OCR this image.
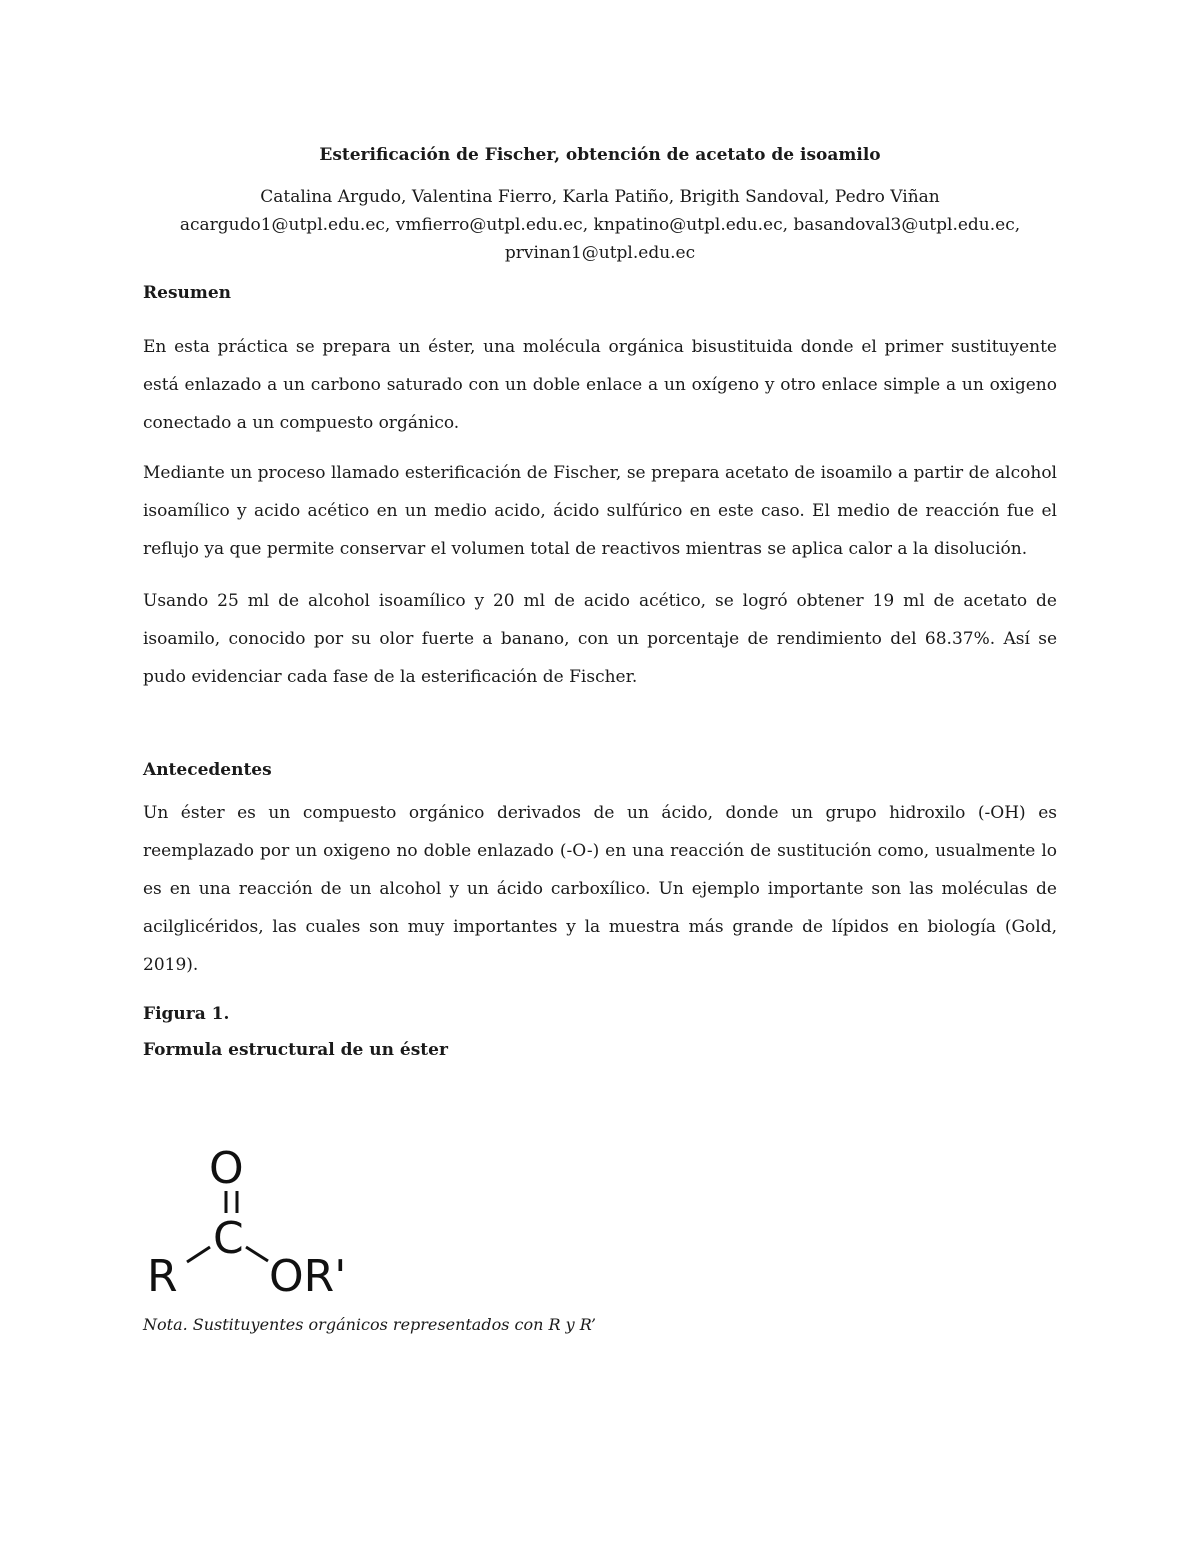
Esterificación de Fischer, obtención de acetato de isoamilo
Catalina Argudo, Valentina Fierro, Karla Patiño, Brigith Sandoval, Pedro Viñan
acargudo1@utpl.edu.ec, vmfierro@utpl.edu.ec, knpatino@utpl.edu.ec, basandoval3@utpl.edu.ec,
prvinan1@utpl.edu.ec
Resumen

En esta práctica se prepara un éster, una molécula orgánica bisustituida donde el primer sustituyente está enlazado a un carbono saturado con un doble enlace a un oxígeno y otro enlace simple a un oxigeno conectado a un compuesto orgánico.

Mediante un proceso llamado esterificación de Fischer, se prepara acetato de isoamilo a partir de alcohol isoamílico y acido acético en un medio acido, ácido sulfúrico en este caso. El medio de reacción fue el reflujo ya que permite conservar el volumen total de reactivos mientras se aplica calor a la disolución.

Usando 25 ml de alcohol isoamílico y 20 ml de acido acético, se logró obtener 19 ml de acetato de isoamilo, conocido por su olor fuerte a banano, con un porcentaje de rendimiento del 68.37%. Así se pudo evidenciar cada fase de la esterificación de Fischer.

Antecedentes

Un éster es un compuesto orgánico derivados de un ácido, donde un grupo hidroxilo (-OH) es reemplazado por un oxigeno no doble enlazado (-O-) en una reacción de sustitución como, usualmente lo es en una reacción de un alcohol y un ácido carboxílico. Un ejemplo importante son las moléculas de acilglicéridos, las cuales son muy importantes y la muestra más grande de lípidos en biología (Gold, 2019).

Figura 1.
Formula estructural de un éster
O
C
R OR'
Nota. Sustituyentes orgánicos representados con R y R’
